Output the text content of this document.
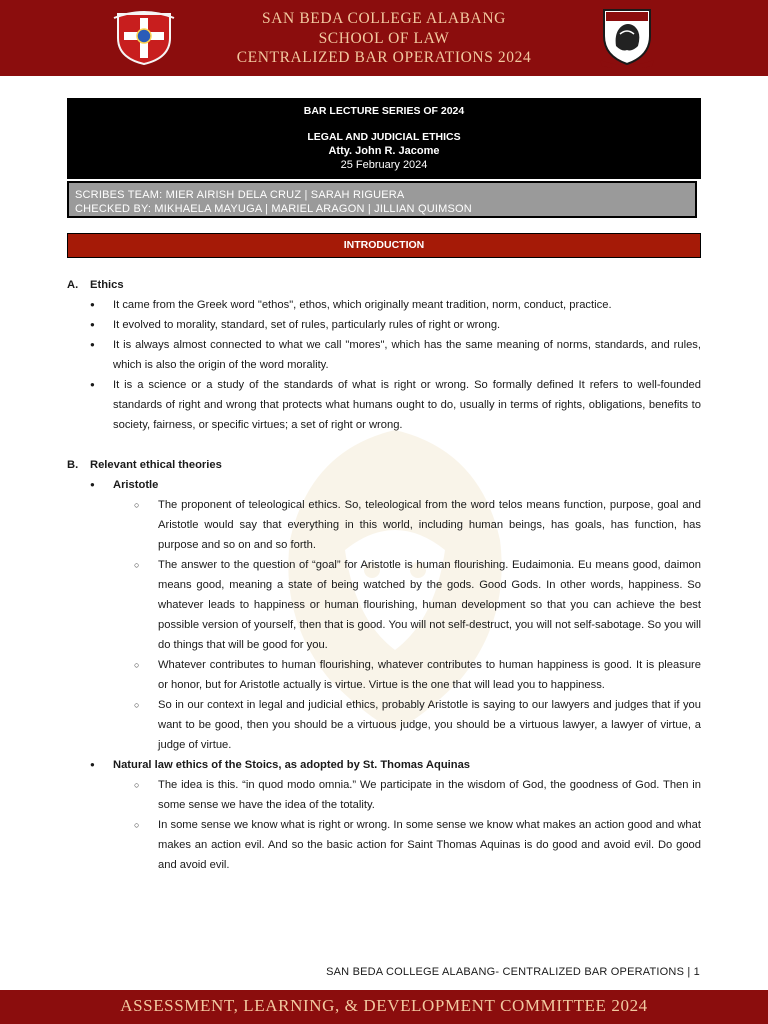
SAN BEDA COLLEGE ALABANG
SCHOOL OF LAW
CENTRALIZED BAR OPERATIONS 2024
BAR LECTURE SERIES OF 2024
LEGAL AND JUDICIAL ETHICS
Atty. John R. Jacome
25 February 2024
SCRIBES TEAM: MIER AIRISH DELA CRUZ | SARAH RIGUERA
CHECKED BY: MIKHAELA MAYUGA | MARIEL ARAGON | JILLIAN QUIMSON
INTRODUCTION
A.	Ethics
● It came from the Greek word "ethos", ethos, which originally meant tradition, norm, conduct, practice.
● It evolved to morality, standard, set of rules, particularly rules of right or wrong.
● It is always almost connected to what we call "mores", which has the same meaning of norms, standards, and rules, which is also the origin of the word morality.
● It is a science or a study of the standards of what is right or wrong. So formally defined It refers to well-founded standards of right and wrong that protects what humans ought to do, usually in terms of rights, obligations, benefits to society, fairness, or specific virtues; a set of right or wrong.
B.	Relevant ethical theories
● Aristotle
○ The proponent of teleological ethics. So, teleological from the word telos means function, purpose, goal and Aristotle would say that everything in this world, including human beings, has goals, has function, has purpose and so on and so forth.
○ The answer to the question of “goal” for Aristotle is human flourishing. Eudaimonia. Eu means good, daimon means good, meaning a state of being watched by the gods. Good Gods. In other words, happiness. So whatever leads to happiness or human flourishing, human development so that you can achieve the best possible version of yourself, then that is good. You will not self-destruct, you will not self-sabotage. So you will do things that will be good for you.
○ Whatever contributes to human flourishing, whatever contributes to human happiness is good. It is pleasure or honor, but for Aristotle actually is virtue. Virtue is the one that will lead you to happiness.
○ So in our context in legal and judicial ethics, probably Aristotle is saying to our lawyers and judges that if you want to be good, then you should be a virtuous judge, you should be a virtuous lawyer, a lawyer of virtue, a judge of virtue.
● Natural law ethics of the Stoics, as adopted by St. Thomas Aquinas
○ The idea is this. “in quod modo omnia.” We participate in the wisdom of God, the goodness of God. Then in some sense we have the idea of the totality.
○ In some sense we know what is right or wrong. In some sense we know what makes an action good and what makes an action evil. And so the basic action for Saint Thomas Aquinas is do good and avoid evil. Do good and avoid evil.
SAN BEDA COLLEGE ALABANG- CENTRALIZED BAR OPERATIONS | 1
ASSESSMENT, LEARNING, & DEVELOPMENT COMMITTEE 2024
